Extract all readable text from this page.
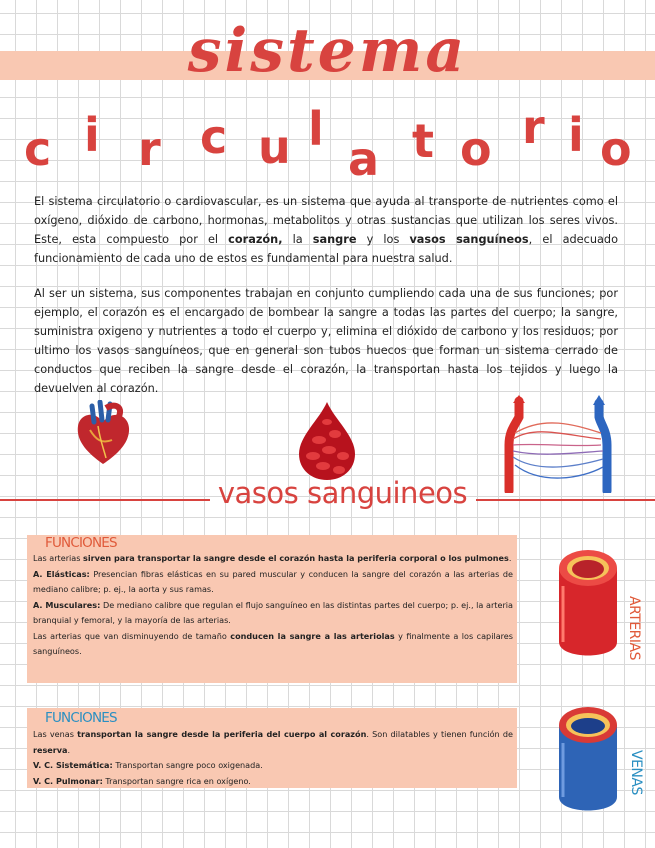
sistema
c i r c u l
a t o r i o
El sistema circulatorio o cardiovascular, es un sistema que ayuda al transporte de nutrientes como el oxígeno, dióxido de carbono, hormonas, metabolitos y otras sustancias que utilizan los seres vivos. Este, esta compuesto por el corazón, la sangre y los vasos sanguíneos, el adecuado funcionamiento de cada uno de estos es fundamental para nuestra salud.
Al ser un sistema, sus componentes trabajan en conjunto cumpliendo cada una de sus funciones; por ejemplo, el corazón es el encargado de bombear la sangre a todas las partes del cuerpo; la sangre, suministra oxigeno y nutrientes a todo el cuerpo y, elimina el dióxido de carbono y los residuos; por ultimo los vasos sanguíneos, que en general son tubos huecos que forman un sistema cerrado de conductos que reciben la sangre desde el corazón, la transportan hasta los tejidos y luego la devuelven al corazón.
vasos sanguineos
FUNCIONES

Las arterias sirven para transportar la sangre desde el corazón hasta la periferia corporal o los pulmones.

A. Elásticas: Presencian fibras elásticas en su pared muscular y conducen la sangre del corazón a las arterias de mediano calibre; p. ej., la aorta y sus ramas.

A. Musculares: De mediano calibre que regulan el flujo sanguíneo en las distintas partes del cuerpo; p. ej., la arteria branquial y femoral, y la mayoría de las arterias.

Las arterias que van disminuyendo de tamaño conducen la sangre a las arteriolas y finalmente a los capilares sanguíneos.	ARTERIAS
FUNCIONES

Las venas transportan la sangre desde la periferia del cuerpo al corazón. Son dilatables y tienen función de reserva.

V. C. Sistemática: Transportan sangre poco oxigenada.

V. C. Pulmonar: Transportan sangre rica en oxígeno.	VENAS
